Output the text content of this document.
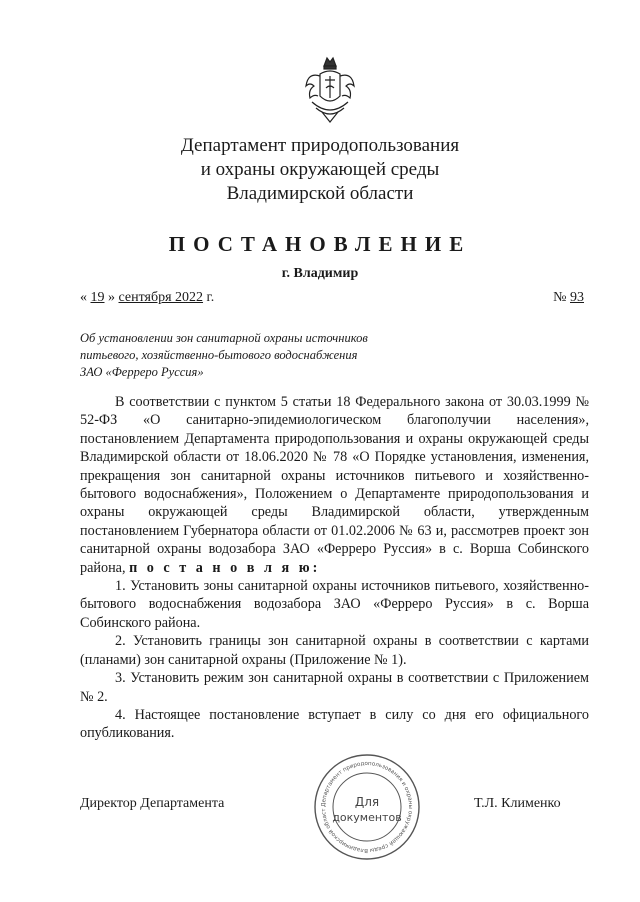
Департамент природопользования
и охраны окружающей среды
Владимирской области
ПОСТАНОВЛЕНИЕ
г. Владимир
« 19 » сентября 2022 г.	№ 93
Об установлении зон санитарной охраны источников
питьевого, хозяйственно-бытового водоснабжения
ЗАО «Ферреро Руссия»

В соответствии с пунктом 5 статьи 18 Федерального закона от 30.03.1999 № 52-ФЗ «О санитарно-эпидемиологическом благополучии населения», постановлением Департамента природопользования и охраны окружающей среды Владимирской области от 18.06.2020 № 78 «О Порядке установления, изменения, прекращения зон санитарной охраны источников питьевого и хозяйственно-бытового водоснабжения», Положением о Департаменте природопользования и охраны окружающей среды Владимирской области, утвержденным постановлением Губернатора области от 01.02.2006 № 63 и, рассмотрев проект зон санитарной охраны водозабора ЗАО «Ферреро Руссия» в с. Ворша Собинского района, п о с т а н о в л я ю:

1. Установить зоны санитарной охраны источников питьевого, хозяйственно-бытового водоснабжения водозабора ЗАО «Ферреро Руссия» в с. Ворша Собинского района.

2. Установить границы зон санитарной охраны в соответствии с картами (планами) зон санитарной охраны (Приложение № 1).

3. Установить режим зон санитарной охраны в соответствии с Приложением № 2.

4. Настоящее постановление вступает в силу со дня его официального опубликования.

Директор Департамента	Т.Л. Клименко
Департамент природопользования и охраны окружающей среды Владимирской област
Для
документов
